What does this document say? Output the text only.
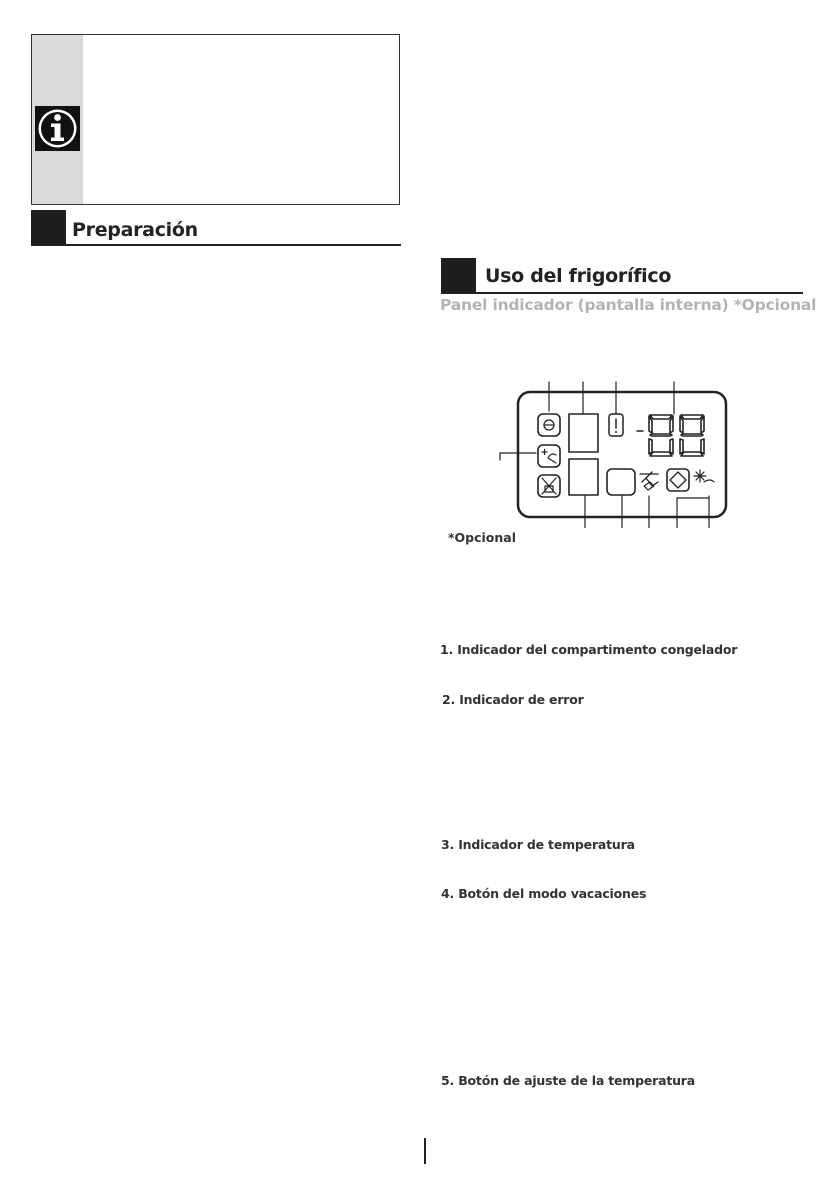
Preparación
Uso del frigorífico
Panel indicador (pantalla interna) *Opcional
*Opcional
1. Indicador del compartimento congelador
2. Indicador de error
3. Indicador de temperatura
4. Botón del modo vacaciones
5. Botón de ajuste de la temperatura
